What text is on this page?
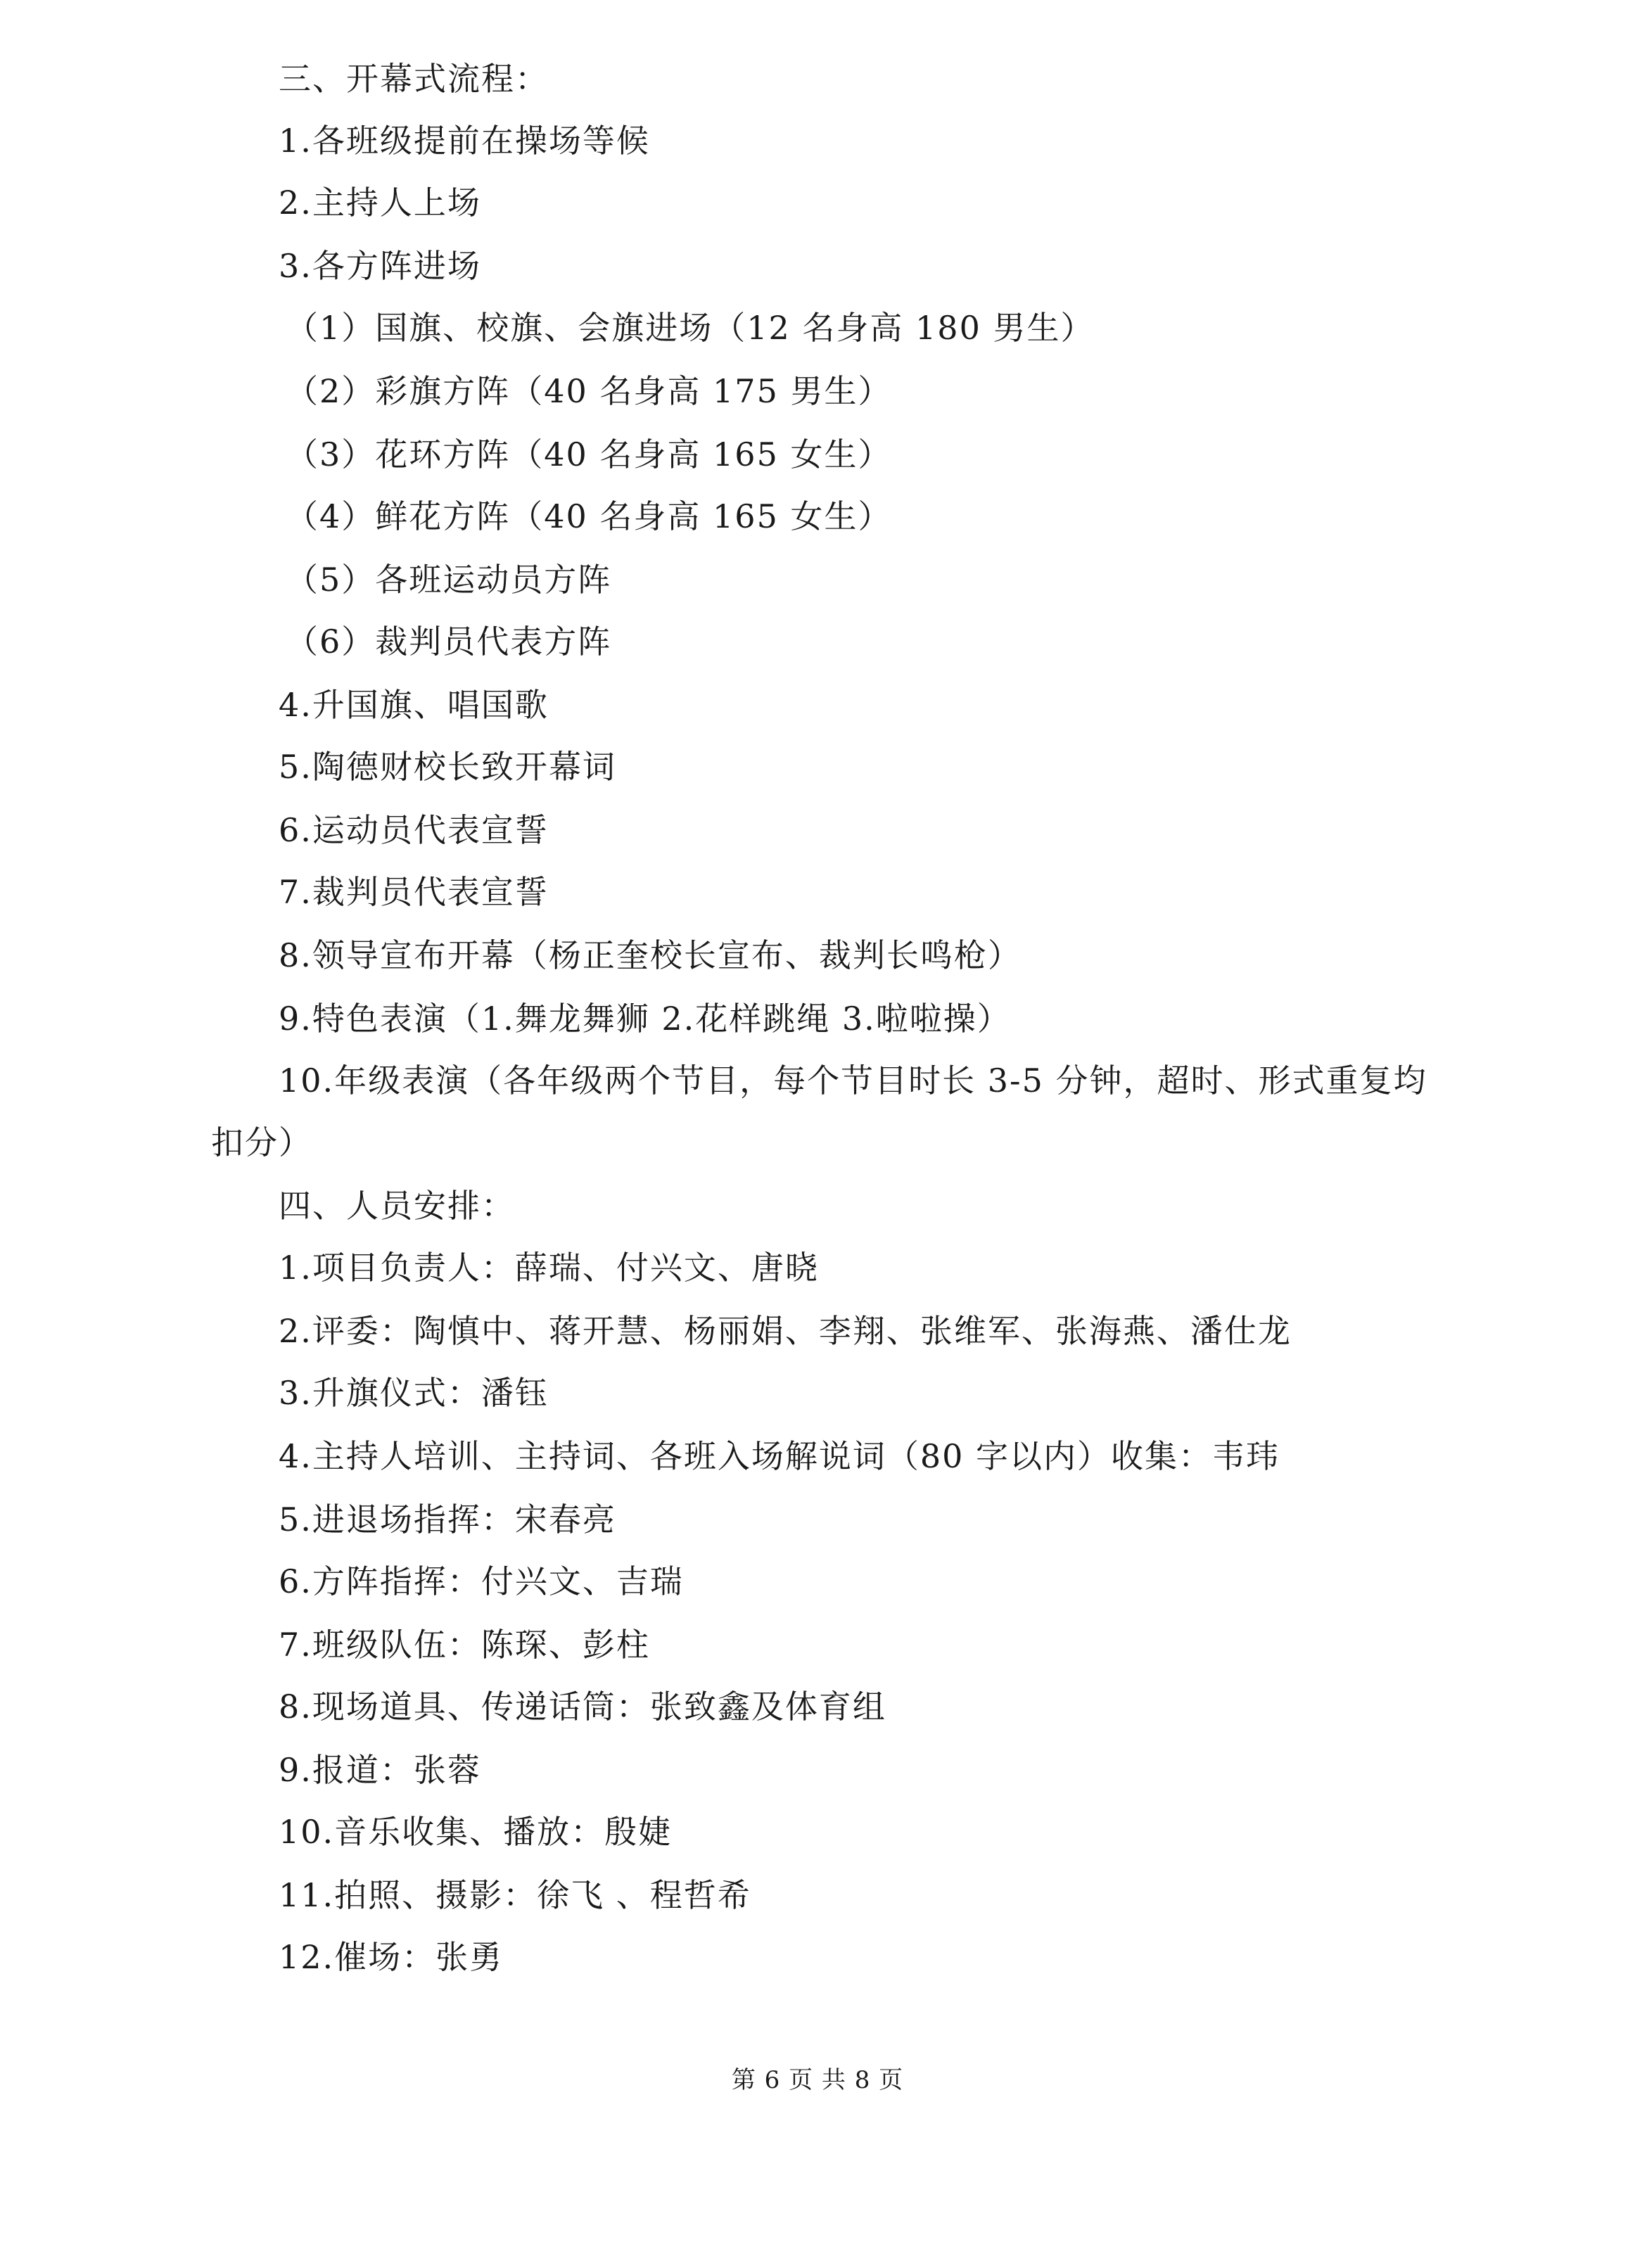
三、开幕式流程：
1.各班级提前在操场等候
2.主持人上场
3.各方阵进场
（1）国旗、校旗、会旗进场（12 名身高 180 男生）
（2）彩旗方阵（40 名身高 175 男生）
（3）花环方阵（40 名身高 165 女生）
（4）鲜花方阵（40 名身高 165 女生）
（5）各班运动员方阵
（6）裁判员代表方阵
4.升国旗、唱国歌
5.陶德财校长致开幕词
6.运动员代表宣誓
7.裁判员代表宣誓
8.领导宣布开幕（杨正奎校长宣布、裁判长鸣枪）
9.特色表演（1.舞龙舞狮 2.花样跳绳 3.啦啦操）
10.年级表演（各年级两个节目，每个节目时长 3-5 分钟，超时、形式重复均
扣分）
四、人员安排：
1.项目负责人：薛瑞、付兴文、唐晓
2.评委：陶慎中、蒋开慧、杨丽娟、李翔、张维军、张海燕、潘仕龙
3.升旗仪式：潘钰
4.主持人培训、主持词、各班入场解说词（80 字以内）收集：韦玮
5.进退场指挥：宋春亮
6.方阵指挥：付兴文、吉瑞
7.班级队伍：陈琛、彭柱
8.现场道具、传递话筒：张致鑫及体育组
9.报道：张蓉
10.音乐收集、播放：殷婕
11.拍照、摄影：徐飞 、程哲希
12.催场：张勇
第 6 页 共 8 页
